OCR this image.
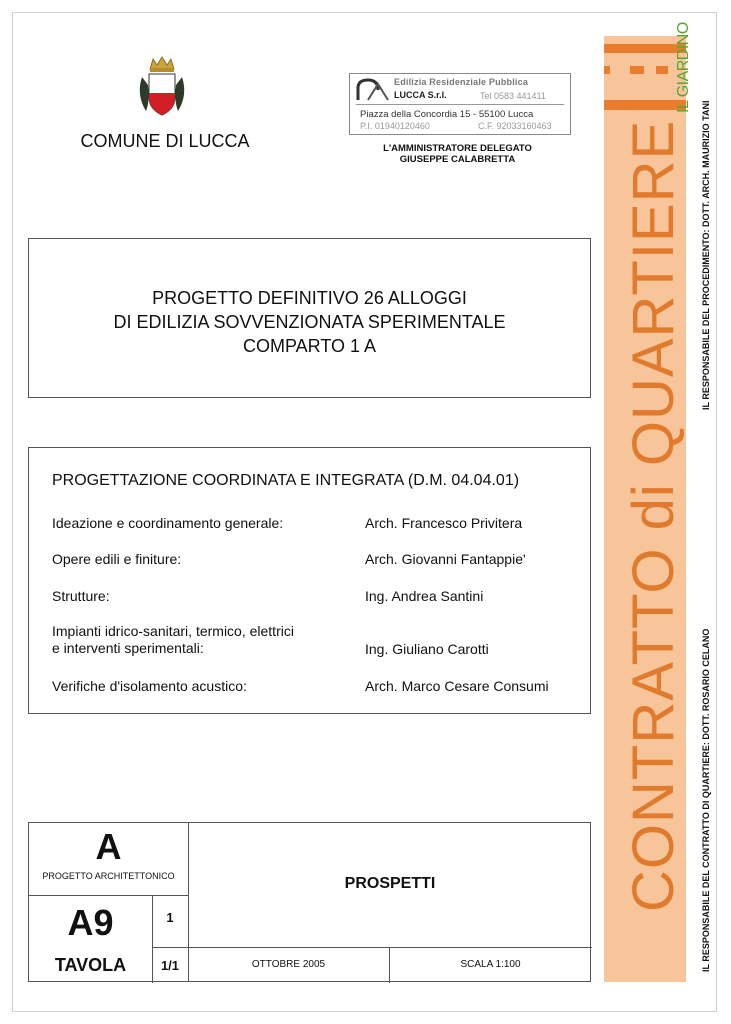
COMUNE DI LUCCA
Edilizia Residenziale Pubblica
LUCCA S.r.l.	Tel 0583 441411
Piazza della Concordia 15 - 55100 Lucca
P.I. 01940120460	C.F. 92033160463
L'AMMINISTRATORE DELEGATO
GIUSEPPE CALABRETTA
PROGETTO DEFINITIVO 26 ALLOGGI
DI EDILIZIA SOVVENZIONATA SPERIMENTALE
COMPARTO 1 A
PROGETTAZIONE COORDINATA E INTEGRATA (D.M. 04.04.01)
Ideazione e coordinamento generale:	Arch. Francesco Privitera
Opere edili e finiture:	Arch. Giovanni Fantappie'
Strutture:	Ing. Andrea Santini
Impianti idrico-sanitari, termico, elettrici
e interventi sperimentali:	Ing. Giuliano Carotti
Verifiche d'isolamento acustico:	Arch. Marco Cesare Consumi
A
PROGETTO ARCHITETTONICO
A9
TAVOLA
1
1/1
PROSPETTI
OTTOBRE 2005	SCALA 1:100
IL GIARDINO
CONTRATTO di QUARTIERE IL RESPONSABILE DEL PROCEDIMENTO: DOTT. ARCH. MAURIZIO TANI
IL RESPONSABILE DEL CONTRATTO DI QUARTIERE: DOTT. ROSARIO CELANO
